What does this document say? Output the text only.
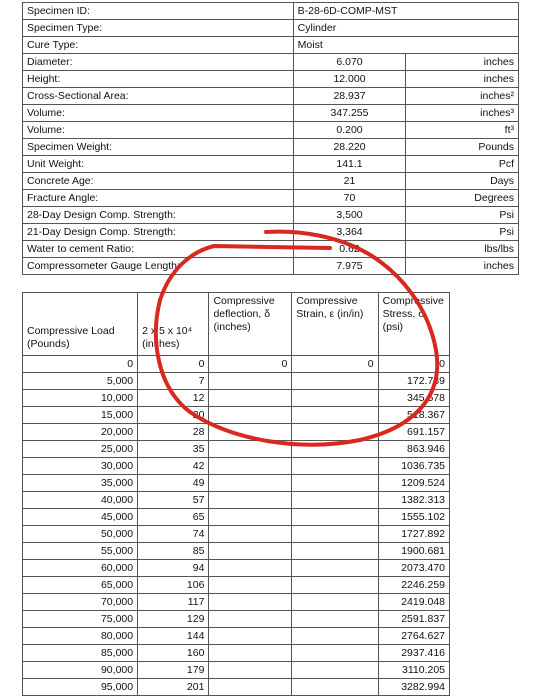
Specimen ID:	B-28-6D-COMP-MST	
Specimen Type:	Cylinder	
Cure Type:	Moist	
Diameter:	6.070	inches
Height:	12.000	inches
Cross-Sectional Area:	28.937	inches²
Volume:	347.255	inches³
Volume:	0.200	ft³
Specimen Weight:	28.220	Pounds
Unit Weight:	141.1	Pcf
Concrete Age:	21	Days
Fracture Angle:	70	Degrees
28-Day Design Comp. Strength:	3,500	Psi
21-Day Design Comp. Strength:	3,364	Psi
Water to cement Ratio:	0.62	lbs/lbs
Compressometer Gauge Length:	7.975	inches
Compressive Load (Pounds)	2 x 5 x 10⁴ (inches)	Compressive deflection, δ (inches)	Compressive Strain, ε (in/in)	Compressive Stress, σ (psi)
0	0	0	0	0
5,000	7			172.789
10,000	12			345.578
15,000	20			518.367
20,000	28			691.157
25,000	35			863.946
30,000	42			1036.735
35,000	49			1209.524
40,000	57			1382.313
45,000	65			1555.102
50,000	74			1727.892
55,000	85			1900.681
60,000	94			2073.470
65,000	106			2246.259
70,000	117			2419.048
75,000	129			2591.837
80,000	144			2764.627
85,000	160			2937.416
90,000	179			3110.205
95,000	201			3282.994
